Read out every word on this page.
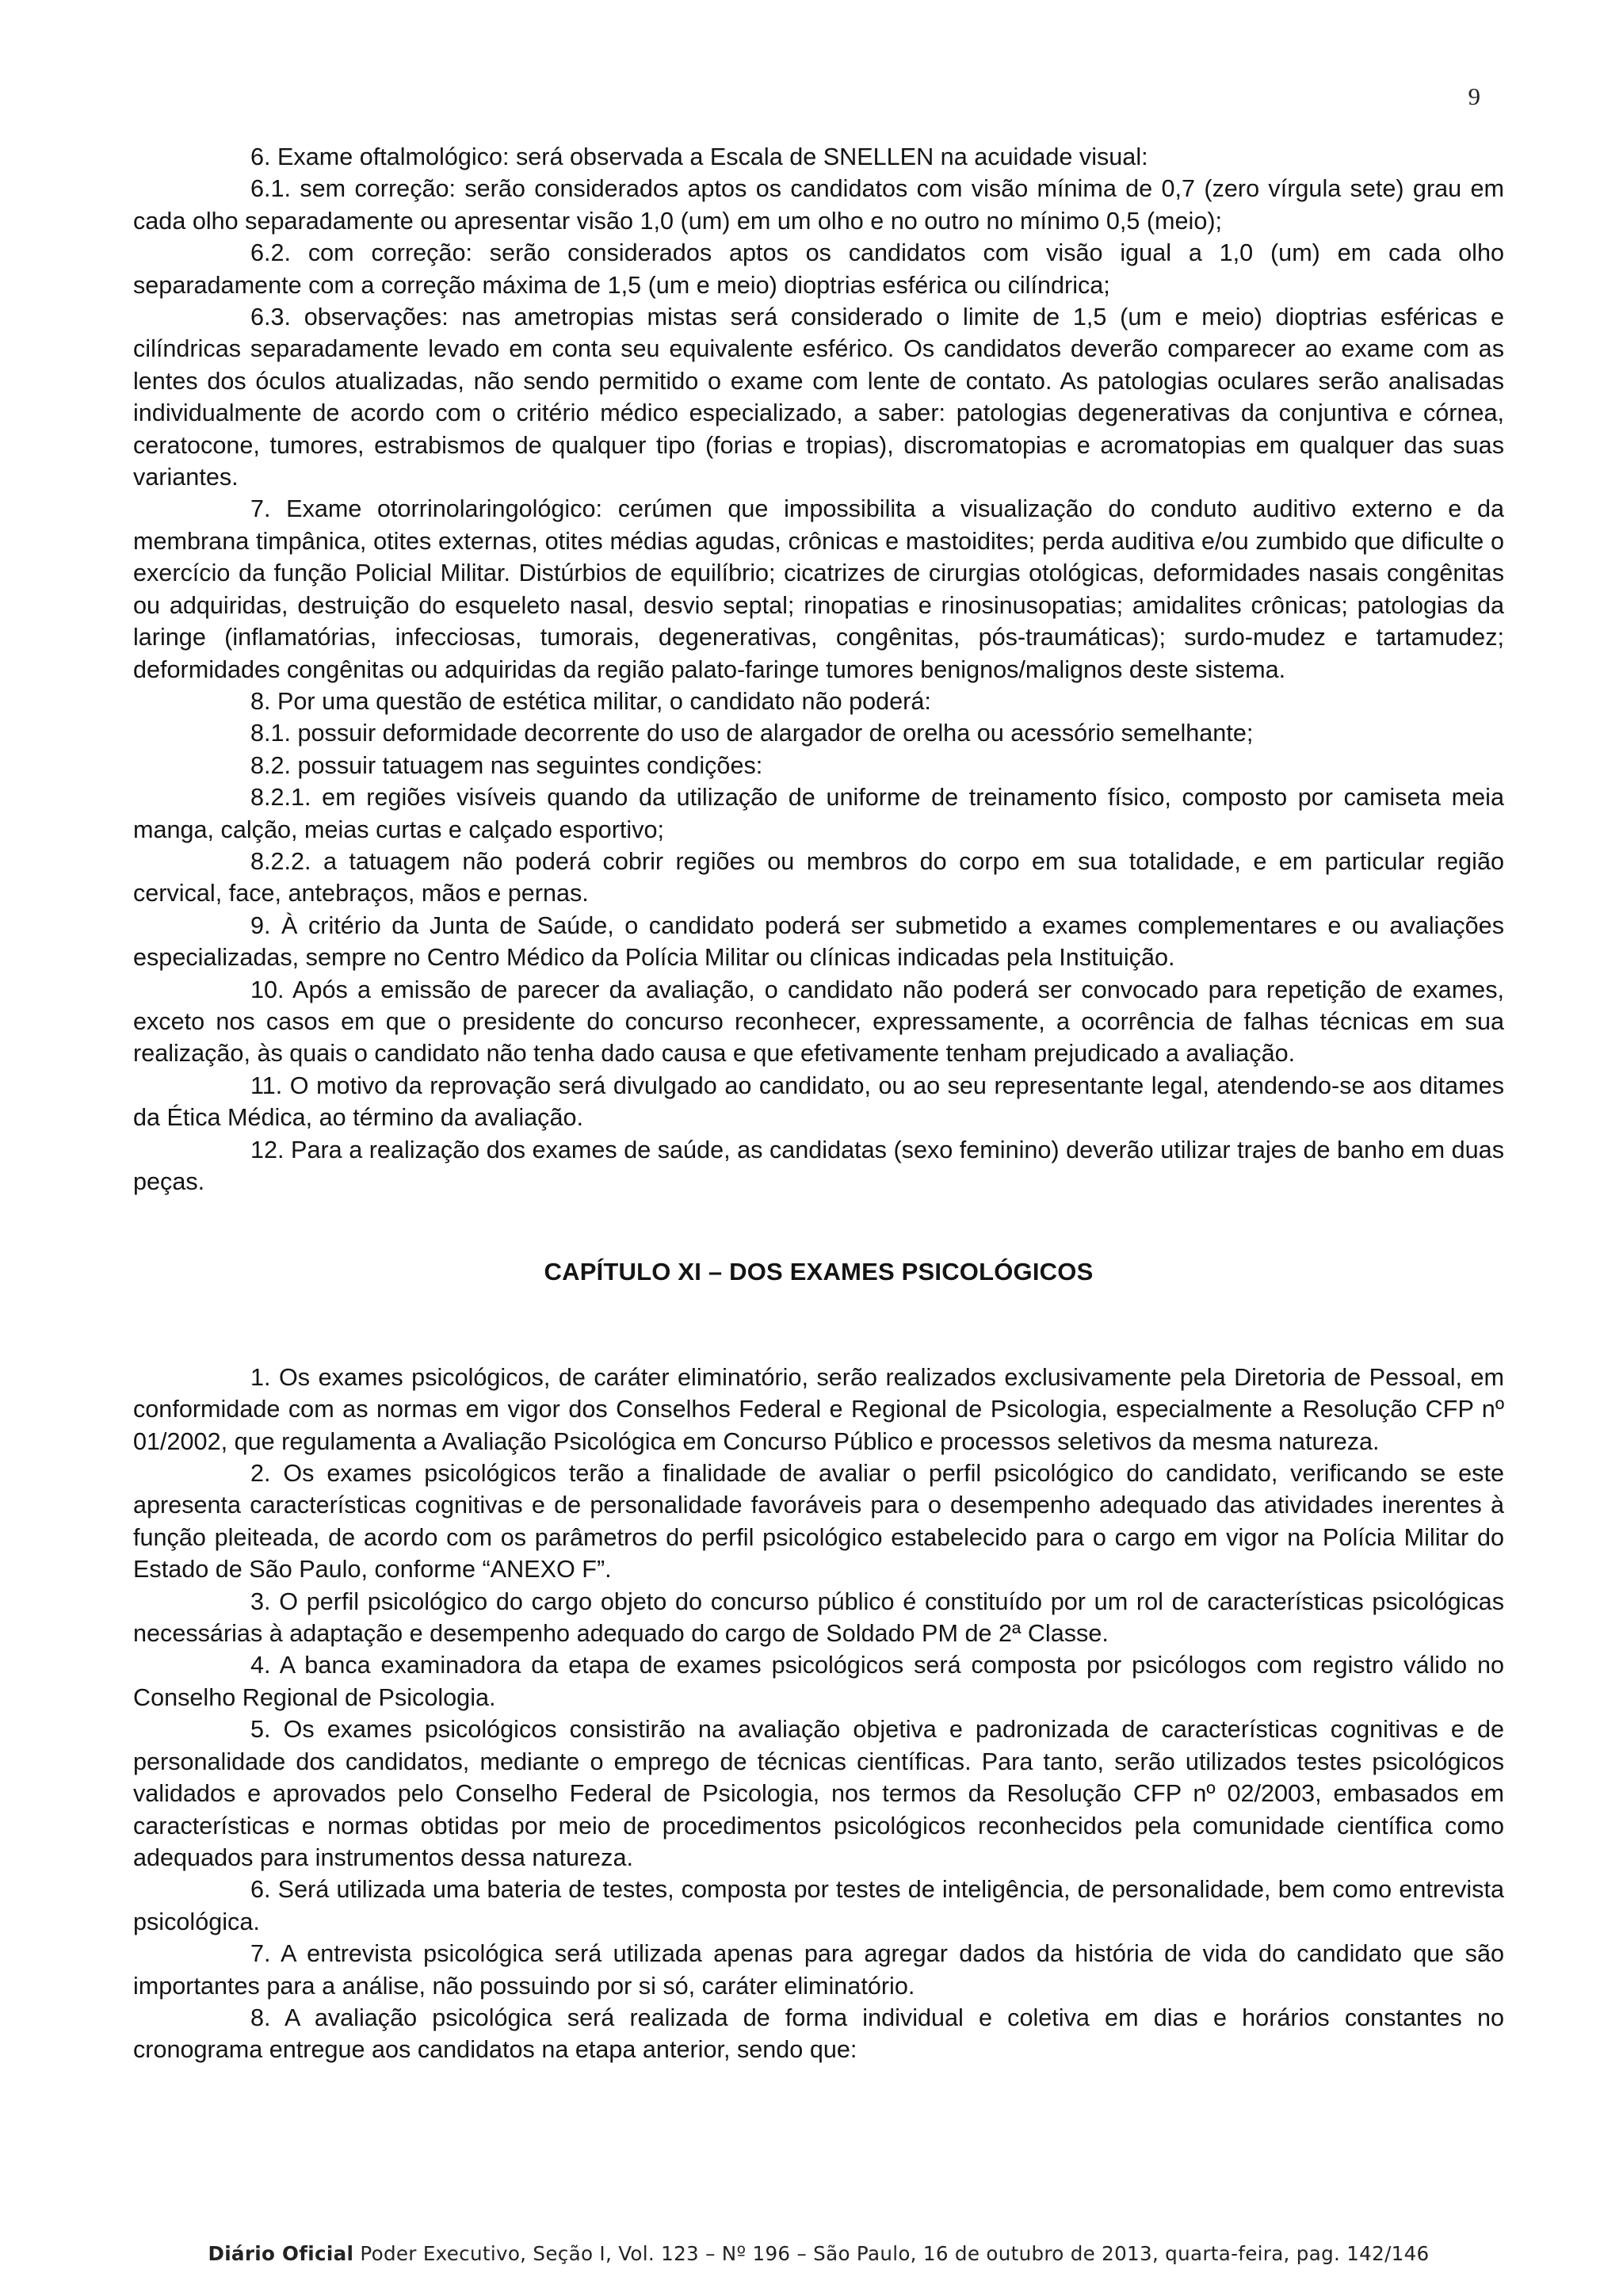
9

6. Exame oftalmológico: será observada a Escala de SNELLEN na acuidade visual:

6.1. sem correção: serão considerados aptos os candidatos com visão mínima de 0,7 (zero vírgula sete) grau em cada olho separadamente ou apresentar visão 1,0 (um) em um olho e no outro no mínimo 0,5 (meio);

6.2. com correção: serão considerados aptos os candidatos com visão igual a 1,0 (um) em cada olho separadamente com a correção máxima de 1,5 (um e meio) dioptrias esférica ou cilíndrica;

6.3. observações: nas ametropias mistas será considerado o limite de 1,5 (um e meio) dioptrias esféricas e cilíndricas separadamente levado em conta seu equivalente esférico. Os candidatos deverão comparecer ao exame com as lentes dos óculos atualizadas, não sendo permitido o exame com lente de contato. As patologias oculares serão analisadas individualmente de acordo com o critério médico especializado, a saber: patologias degenerativas da conjuntiva e córnea, ceratocone, tumores, estrabismos de qualquer tipo (forias e tropias), discromatopias e acromatopias em qualquer das suas variantes.

7. Exame otorrinolaringológico: cerúmen que impossibilita a visualização do conduto auditivo externo e da membrana timpânica, otites externas, otites médias agudas, crônicas e mastoidites; perda auditiva e/ou zumbido que dificulte o exercício da função Policial Militar. Distúrbios de equilíbrio; cicatrizes de cirurgias otológicas, deformidades nasais congênitas ou adquiridas, destruição do esqueleto nasal, desvio septal; rinopatias e rinosinusopatias; amidalites crônicas; patologias da laringe (inflamatórias, infecciosas, tumorais, degenerativas, congênitas, pós-traumáticas); surdo-mudez e tartamudez; deformidades congênitas ou adquiridas da região palato-faringe tumores benignos/malignos deste sistema.

8. Por uma questão de estética militar, o candidato não poderá:

8.1. possuir deformidade decorrente do uso de alargador de orelha ou acessório semelhante;

8.2. possuir tatuagem nas seguintes condições:

8.2.1. em regiões visíveis quando da utilização de uniforme de treinamento físico, composto por camiseta meia manga, calção, meias curtas e calçado esportivo;

8.2.2. a tatuagem não poderá cobrir regiões ou membros do corpo em sua totalidade, e em particular região cervical, face, antebraços, mãos e pernas.

9. À critério da Junta de Saúde, o candidato poderá ser submetido a exames complementares e ou avaliações especializadas, sempre no Centro Médico da Polícia Militar ou clínicas indicadas pela Instituição.

10. Após a emissão de parecer da avaliação, o candidato não poderá ser convocado para repetição de exames, exceto nos casos em que o presidente do concurso reconhecer, expressamente, a ocorrência de falhas técnicas em sua realização, às quais o candidato não tenha dado causa e que efetivamente tenham prejudicado a avaliação.

11. O motivo da reprovação será divulgado ao candidato, ou ao seu representante legal, atendendo-se aos ditames da Ética Médica, ao término da avaliação.

12. Para a realização dos exames de saúde, as candidatas (sexo feminino) deverão utilizar trajes de banho em duas peças.

CAPÍTULO XI – DOS EXAMES PSICOLÓGICOS

1. Os exames psicológicos, de caráter eliminatório, serão realizados exclusivamente pela Diretoria de Pessoal, em conformidade com as normas em vigor dos Conselhos Federal e Regional de Psicologia, especialmente a Resolução CFP nº 01/2002, que regulamenta a Avaliação Psicológica em Concurso Público e processos seletivos da mesma natureza.

2. Os exames psicológicos terão a finalidade de avaliar o perfil psicológico do candidato, verificando se este apresenta características cognitivas e de personalidade favoráveis para o desempenho adequado das atividades inerentes à função pleiteada, de acordo com os parâmetros do perfil psicológico estabelecido para o cargo em vigor na Polícia Militar do Estado de São Paulo, conforme “ANEXO F”.

3. O perfil psicológico do cargo objeto do concurso público é constituído por um rol de características psicológicas necessárias à adaptação e desempenho adequado do cargo de Soldado PM de 2ª Classe.

4. A banca examinadora da etapa de exames psicológicos será composta por psicólogos com registro válido no Conselho Regional de Psicologia.

5. Os exames psicológicos consistirão na avaliação objetiva e padronizada de características cognitivas e de personalidade dos candidatos, mediante o emprego de técnicas científicas. Para tanto, serão utilizados testes psicológicos validados e aprovados pelo Conselho Federal de Psicologia, nos termos da Resolução CFP nº 02/2003, embasados em características e normas obtidas por meio de procedimentos psicológicos reconhecidos pela comunidade científica como adequados para instrumentos dessa natureza.

6. Será utilizada uma bateria de testes, composta por testes de inteligência, de personalidade, bem como entrevista psicológica.

7. A entrevista psicológica será utilizada apenas para agregar dados da história de vida do candidato que são importantes para a análise, não possuindo por si só, caráter eliminatório.

8. A avaliação psicológica será realizada de forma individual e coletiva em dias e horários constantes no cronograma entregue aos candidatos na etapa anterior, sendo que:

Diário Oficial Poder Executivo, Seção I, Vol. 123 – Nº 196 – São Paulo, 16 de outubro de 2013, quarta-feira, pag. 142/146
